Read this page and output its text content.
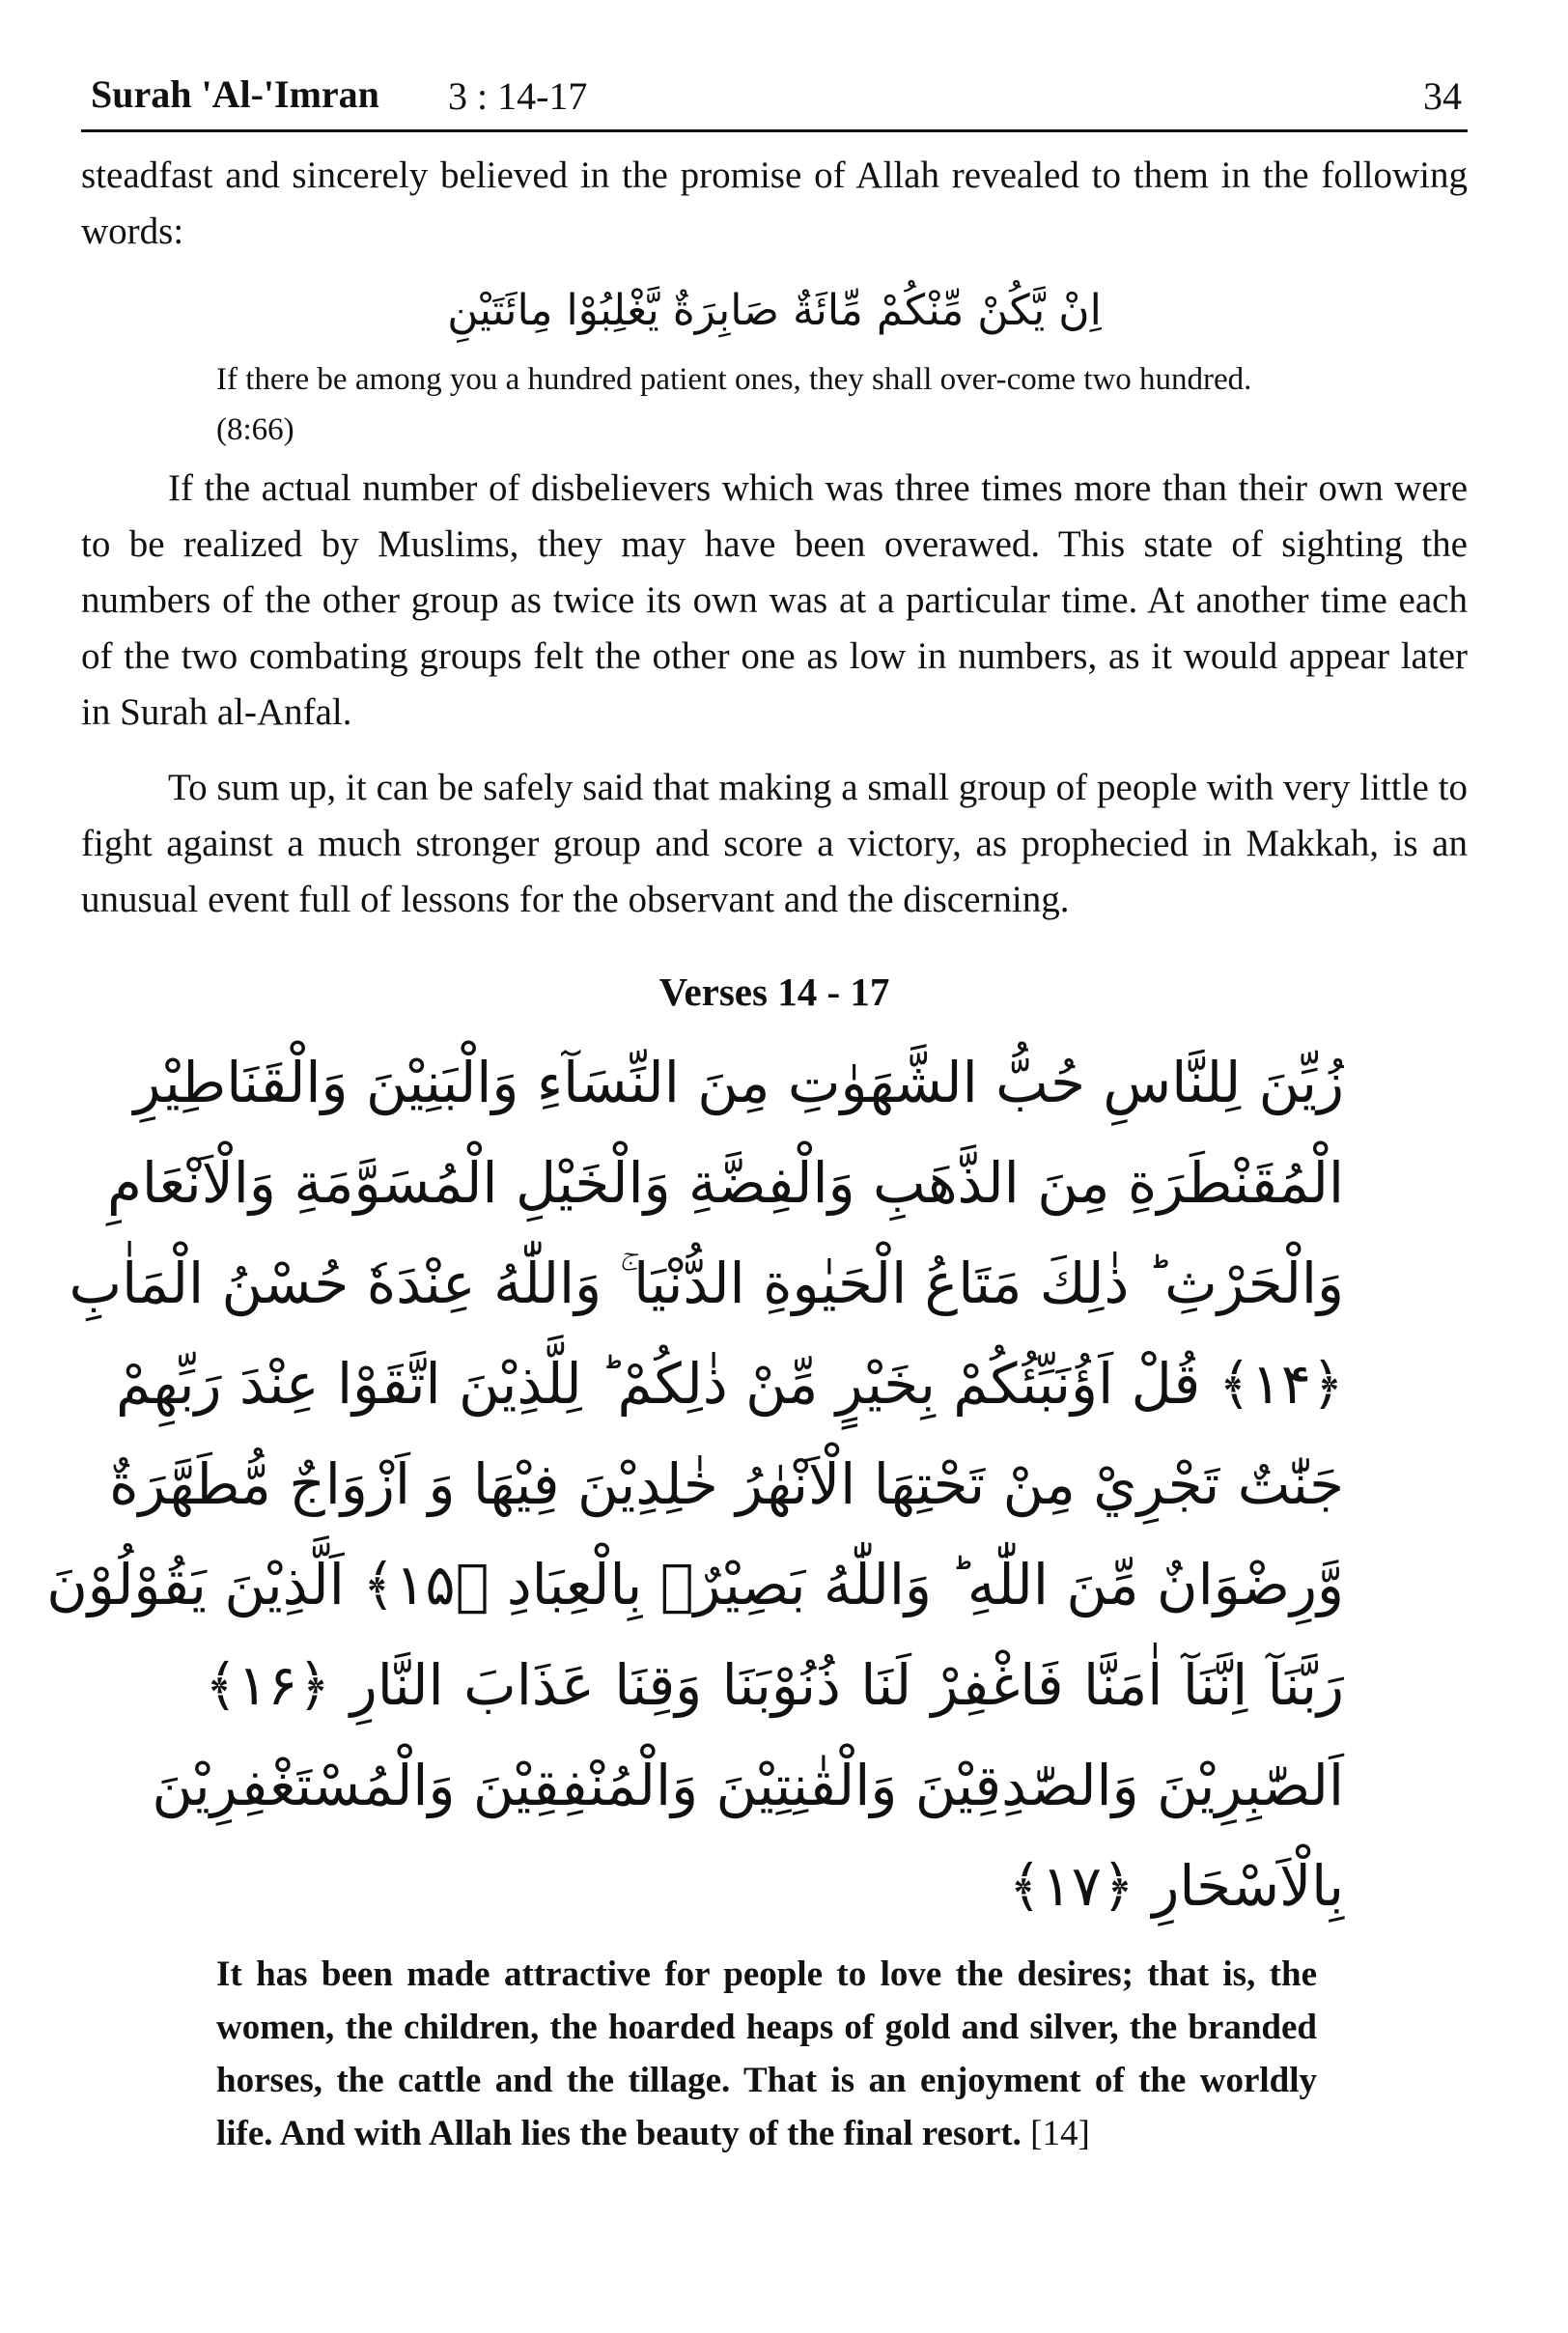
Surah 'Al-'Imran 3 : 14-17	34

steadfast and sincerely believed in the promise of Allah revealed to them in the following words:

اِنْ يَّكُنْ مِّنْكُمْ مِّائَةٌ صَابِرَةٌ يَّغْلِبُوْا مِائَتَيْنِ

If there be among you a hundred patient ones, they shall over-come two hundred. (8:66)

If the actual number of disbelievers which was three times more than their own were to be realized by Muslims, they may have been overawed. This state of sighting the numbers of the other group as twice its own was at a particular time. At another time each of the two combating groups felt the other one as low in numbers, as it would appear later in Surah al-Anfal.

To sum up, it can be safely said that making a small group of people with very little to fight against a much stronger group and score a victory, as prophecied in Makkah, is an unusual event full of lessons for the observant and the discerning.

Verses 14 - 17
زُيِّنَ لِلنَّاسِ حُبُّ الشَّهَوٰتِ مِنَ النِّسَآءِ وَالْبَنِيْنَ وَالْقَنَاطِيْرِ
الْمُقَنْطَرَةِ مِنَ الذَّهَبِ وَالْفِضَّةِ وَالْخَيْلِ الْمُسَوَّمَةِ وَالْاَنْعَامِ
وَالْحَرْثِ ؕ ذٰلِكَ مَتَاعُ الْحَيٰوةِ الدُّنْيَا ۚ وَاللّٰهُ عِنْدَهٗ حُسْنُ الْمَاٰبِ
﴿۱۴﴾ قُلْ اَؤُنَبِّئُكُمْ بِخَيْرٍ مِّنْ ذٰلِكُمْ ؕ لِلَّذِيْنَ اتَّقَوْا عِنْدَ رَبِّهِمْ
جَنّٰتٌ تَجْرِيْ مِنْ تَحْتِهَا الْاَنْهٰرُ خٰلِدِيْنَ فِيْهَا وَ اَزْوَاجٌ مُّطَهَّرَةٌ
وَّرِضْوَانٌ مِّنَ اللّٰهِ ؕ وَاللّٰهُ بَصِيْرٌۢ بِالْعِبَادِ ﴿۱۵﴾ اَلَّذِيْنَ يَقُوْلُوْنَ
رَبَّنَآ اِنَّنَآ اٰمَنَّا فَاغْفِرْ لَنَا ذُنُوْبَنَا وَقِنَا عَذَابَ النَّارِ ﴿۱۶﴾
اَلصّٰبِرِيْنَ وَالصّٰدِقِيْنَ وَالْقٰنِتِيْنَ وَالْمُنْفِقِيْنَ وَالْمُسْتَغْفِرِيْنَ
بِالْاَسْحَارِ ﴿۱۷﴾

It has been made attractive for people to love the desires; that is, the women, the children, the hoarded heaps of gold and silver, the branded horses, the cattle and the tillage. That is an enjoyment of the worldly life. And with Allah lies the beauty of the final resort. [14]
